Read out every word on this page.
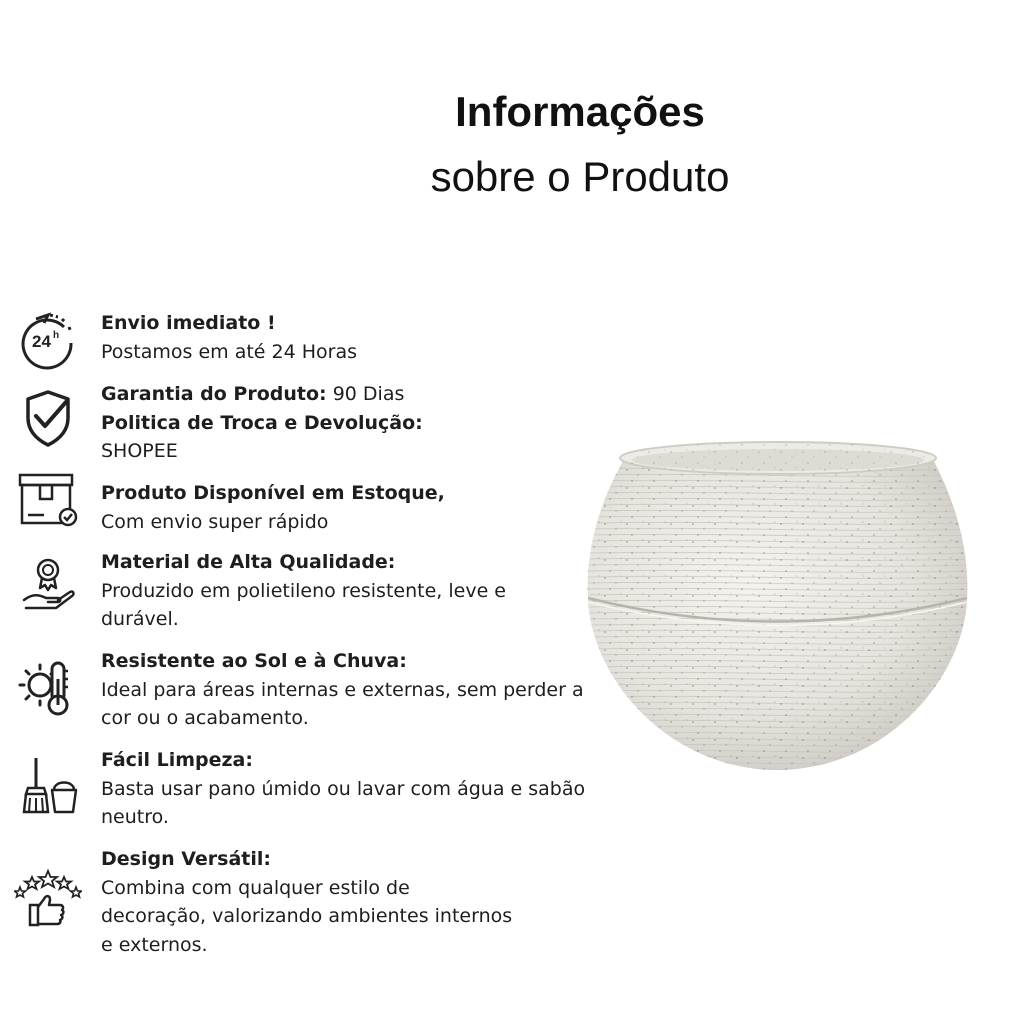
Informações
sobre o Produto
24 h
Envio imediato !
Postamos em até 24 Horas
Garantia do Produto: 90 Dias
Politica de Troca e Devolução:
SHOPEE
Produto Disponível em Estoque,
Com envio super rápido
Material de Alta Qualidade:
Produzido em polietileno resistente, leve e
durável.
Resistente ao Sol e à Chuva:
Ideal para áreas internas e externas, sem perder a
cor ou o acabamento.
Fácil Limpeza:
Basta usar pano úmido ou lavar com água e sabão
neutro.
Design Versátil:
Combina com qualquer estilo de
decoração, valorizando ambientes internos
e externos.
